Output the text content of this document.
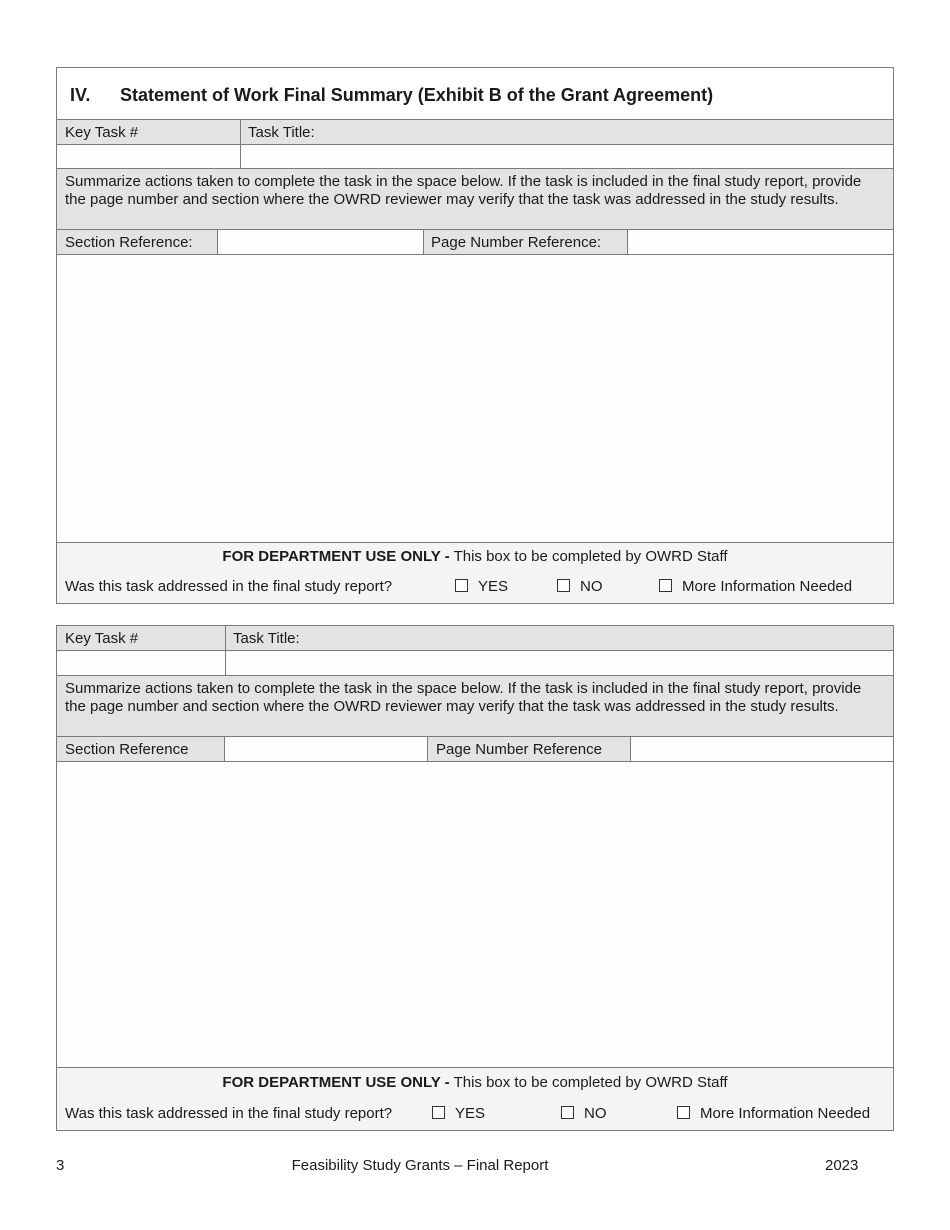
IV. Statement of Work Final Summary (Exhibit B of the Grant Agreement)
Key Task #	Task Title:
Summarize actions taken to complete the task in the space below. If the task is included in the final study report, provide the page number and section where the OWRD reviewer may verify that the task was addressed in the study results.
Section Reference:	Page Number Reference:
FOR DEPARTMENT USE ONLY - This box to be completed by OWRD Staff
Was this task addressed in the final study report?	YES	NO	More Information Needed
Key Task #	Task Title:
Summarize actions taken to complete the task in the space below. If the task is included in the final study report, provide the page number and section where the OWRD reviewer may verify that the task was addressed in the study results.
Section Reference	Page Number Reference
FOR DEPARTMENT USE ONLY - This box to be completed by OWRD Staff
Was this task addressed in the final study report?	YES	NO	More Information Needed
3	Feasibility Study Grants – Final Report	2023
